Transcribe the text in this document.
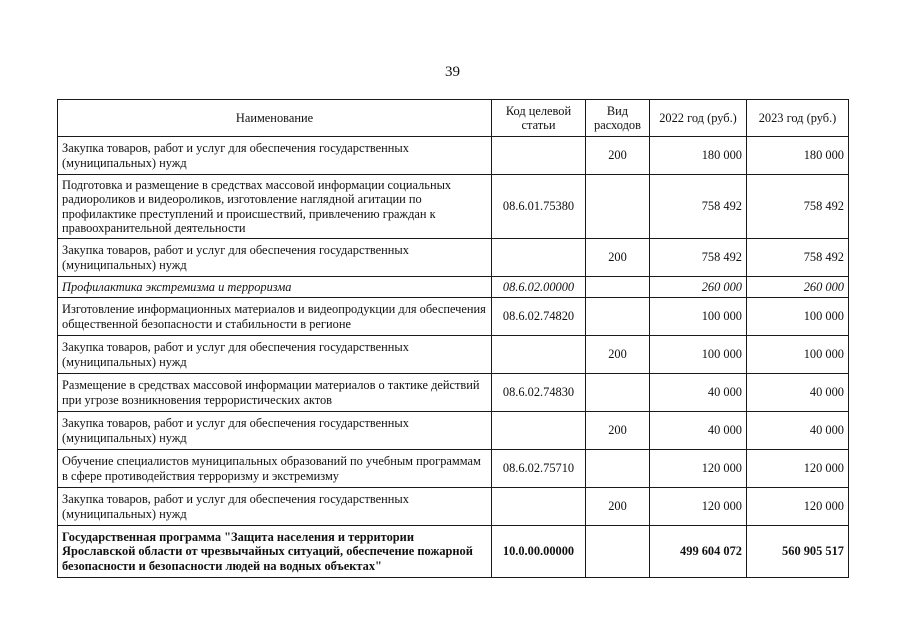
39
Наименование	Код целевой статьи	Вид расходов	2022 год (руб.)	2023 год (руб.)
Закупка товаров, работ и услуг для обеспечения государственных (муниципальных) нужд		200	180 000	180 000
Подготовка и размещение в средствах массовой информации социальных радиороликов и видеороликов, изготовление наглядной агитации по профилактике преступлений и происшествий, привлечению граждан к правоохранительной деятельности	08.6.01.75380		758 492	758 492
Закупка товаров, работ и услуг для обеспечения государственных (муниципальных) нужд		200	758 492	758 492
Профилактика экстремизма и терроризма	08.6.02.00000		260 000	260 000
Изготовление информационных материалов и видеопродукции для обеспечения общественной безопасности и стабильности в регионе	08.6.02.74820		100 000	100 000
Закупка товаров, работ и услуг для обеспечения государственных (муниципальных) нужд		200	100 000	100 000
Размещение в средствах массовой информации материалов о тактике действий при угрозе возникновения террористических актов	08.6.02.74830		40 000	40 000
Закупка товаров, работ и услуг для обеспечения государственных (муниципальных) нужд		200	40 000	40 000
Обучение специалистов муниципальных образований по учебным программам в сфере противодействия терроризму и экстремизму	08.6.02.75710		120 000	120 000
Закупка товаров, работ и услуг для обеспечения государственных (муниципальных) нужд		200	120 000	120 000
Государственная программа "Защита населения и территории Ярославской области от чрезвычайных ситуаций, обеспечение пожарной безопасности и безопасности людей на водных объектах"	10.0.00.00000		499 604 072	560 905 517
